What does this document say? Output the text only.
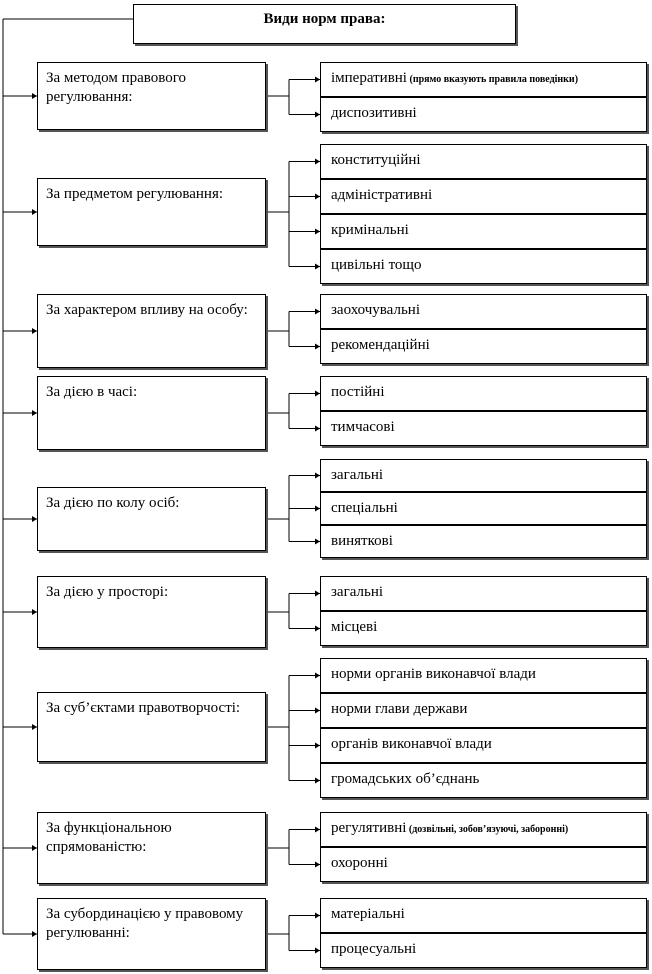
Види норм права:
За методом правового регулювання:
імперативні (прямо вказують правила поведінки)
диспозитивні
За предметом регулювання:
конституційні
адміністративні
кримінальні
цивільні тощо
За характером впливу на особу:	заохочувальні
рекомендаційні
За дією в часі:	постійні
тимчасові
За дією по колу осіб:
загальні
спеціальні
виняткові
За дією у просторі:	загальні
місцеві
За суб’єктами правотворчості:
норми органів виконавчої влади
норми глави держави
органів виконавчої влади
громадських об’єднань
За функціональною спрямованістю:
регулятивні (дозвільні, зобов’язуючі, заборонні)
охоронні
За субординацією у правовому регулюванні:
матеріальні
процесуальні
